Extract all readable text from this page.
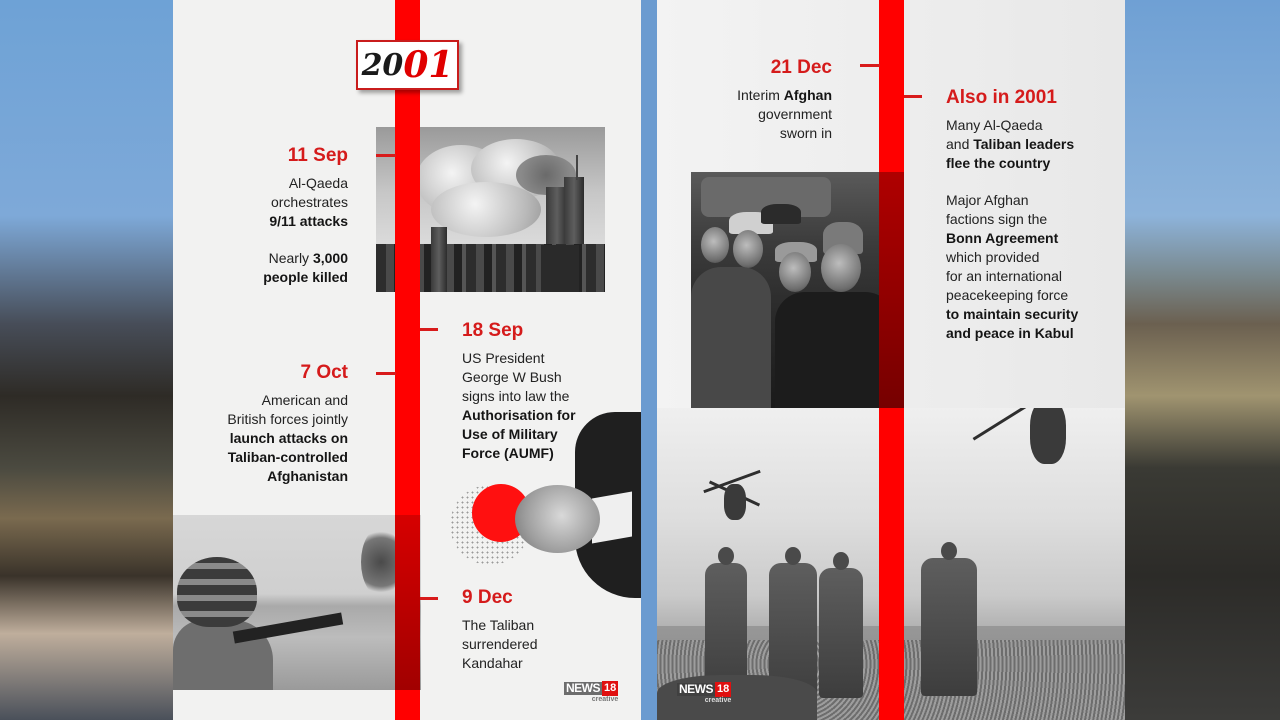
20 01
11 Sep

Al-Qaeda

orchestrates

9/11 attacks

Nearly 3,000

people killed

18 Sep

US President

George W Bush

signs into law the

Authorisation for

Use of Military

Force (AUMF)

7 Oct

American and

British forces jointly

launch attacks on

Taliban-controlled

Afghanistan

9 Dec

The Taliban

surrendered

Kandahar

NEWS 18
creative
21 Dec

Interim Afghan

government

sworn in

Also in 2001

Many Al-Qaeda

and Taliban leaders

flee the country

Major Afghan

factions sign the

Bonn Agreement

which provided

for an international

peacekeeping force

to maintain security

and peace in Kabul

NEWS 18
creative
